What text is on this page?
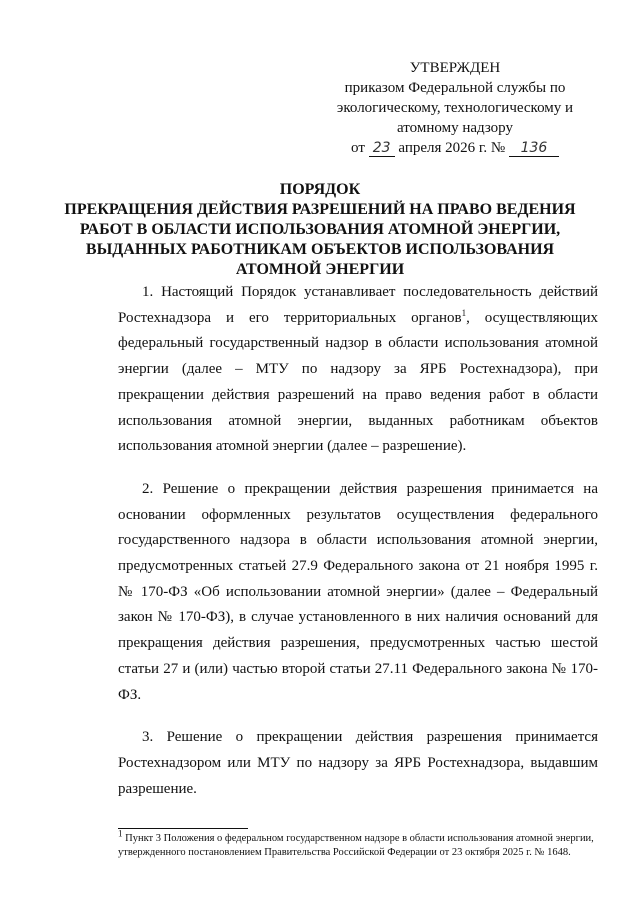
УТВЕРЖДЕН
приказом Федеральной службы по
экологическому, технологическому и
атомному надзору
от 23 апреля 2026 г. № 136
ПОРЯДОК
ПРЕКРАЩЕНИЯ ДЕЙСТВИЯ РАЗРЕШЕНИЙ НА ПРАВО ВЕДЕНИЯ
РАБОТ В ОБЛАСТИ ИСПОЛЬЗОВАНИЯ АТОМНОЙ ЭНЕРГИИ,
ВЫДАННЫХ РАБОТНИКАМ ОБЪЕКТОВ ИСПОЛЬЗОВАНИЯ
АТОМНОЙ ЭНЕРГИИ

1. Настоящий Порядок устанавливает последовательность действий Ростехнадзора и его территориальных органов$^1$, осуществляющих федеральный государственный надзор в области использования атомной энергии (далее – МТУ по надзору за ЯРБ Ростехнадзора), при прекращении действия разрешений на право ведения работ в области использования атомной энергии, выданных работникам объектов использования атомной энергии (далее – разрешение).

2. Решение о прекращении действия разрешения принимается на основании оформленных результатов осуществления федерального государственного надзора в области использования атомной энергии, предусмотренных статьей 27.9 Федерального закона от 21 ноября 1995 г. № 170-ФЗ «Об использовании атомной энергии» (далее – Федеральный закон № 170-ФЗ), в случае установленного в них наличия оснований для прекращения действия разрешения, предусмотренных частью шестой статьи 27 и (или) частью второй статьи 27.11 Федерального закона № 170-ФЗ.

3. Решение о прекращении действия разрешения принимается Ростехнадзором или МТУ по надзору за ЯРБ Ростехнадзора, выдавшим разрешение.

$^1$ Пункт 3 Положения о федеральном государственном надзоре в области использования атомной энергии, утвержденного постановлением Правительства Российской Федерации от 23 октября 2025 г. № 1648.
